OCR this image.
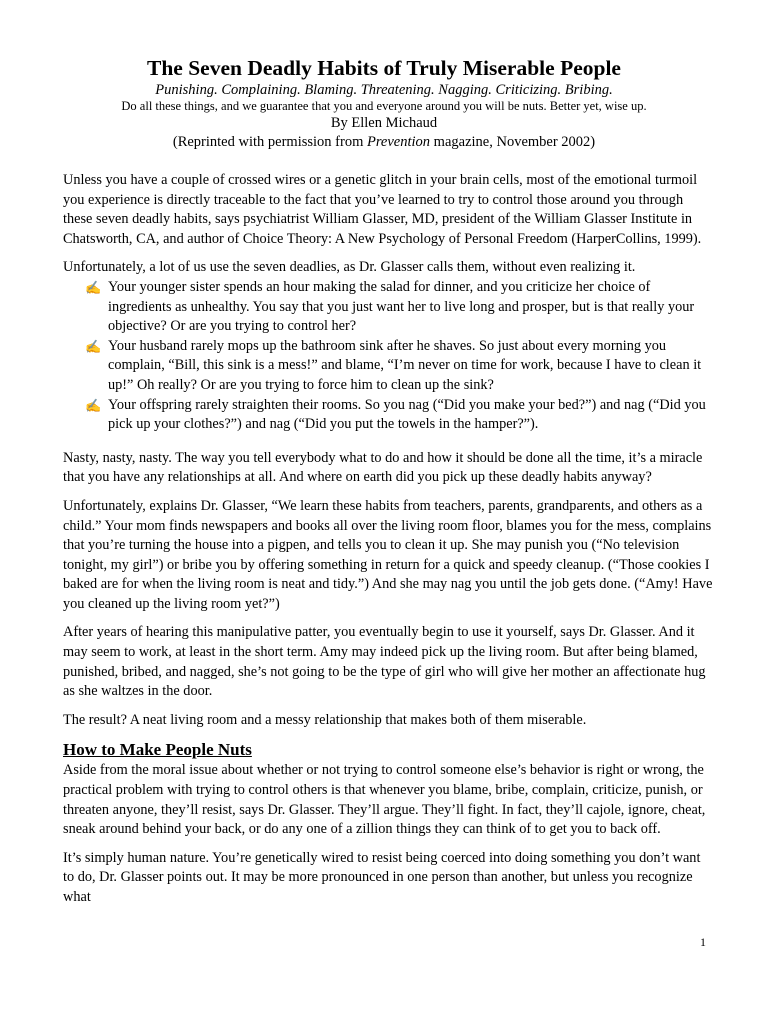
The Seven Deadly Habits of Truly Miserable People
Punishing. Complaining. Blaming. Threatening. Nagging. Criticizing. Bribing.
Do all these things, and we guarantee that you and everyone around you will be nuts. Better yet, wise up.
By Ellen Michaud
(Reprinted with permission from Prevention magazine, November 2002)

Unless you have a couple of crossed wires or a genetic glitch in your brain cells, most of the emotional turmoil you experience is directly traceable to the fact that you’ve learned to try to control those around you through these seven deadly habits, says psychiatrist William Glasser, MD, president of the William Glasser Institute in Chatsworth, CA, and author of Choice Theory: A New Psychology of Personal Freedom (HarperCollins, 1999).

Unfortunately, a lot of us use the seven deadlies, as Dr. Glasser calls them, without even realizing it.

✍ Your younger sister spends an hour making the salad for dinner, and you criticize her choice of ingredients as unhealthy. You say that you just want her to live long and prosper, but is that really your objective? Or are you trying to control her?
✍ Your husband rarely mops up the bathroom sink after he shaves. So just about every morning you complain, “Bill, this sink is a mess!” and blame, “I’m never on time for work, because I have to clean it up!” Oh really? Or are you trying to force him to clean up the sink?
✍ Your offspring rarely straighten their rooms. So you nag (“Did you make your bed?”) and nag (“Did you pick up your clothes?”) and nag (“Did you put the towels in the hamper?”).

Nasty, nasty, nasty. The way you tell everybody what to do and how it should be done all the time, it’s a miracle that you have any relationships at all. And where on earth did you pick up these deadly habits anyway?

Unfortunately, explains Dr. Glasser, “We learn these habits from teachers, parents, grandparents, and others as a child.” Your mom finds newspapers and books all over the living room floor, blames you for the mess, complains that you’re turning the house into a pigpen, and tells you to clean it up. She may punish you (“No television tonight, my girl”) or bribe you by offering something in return for a quick and speedy cleanup. (“Those cookies I baked are for when the living room is neat and tidy.”) And she may nag you until the job gets done. (“Amy! Have you cleaned up the living room yet?”)

After years of hearing this manipulative patter, you eventually begin to use it yourself, says Dr. Glasser. And it may seem to work, at least in the short term. Amy may indeed pick up the living room. But after being blamed, punished, bribed, and nagged, she’s not going to be the type of girl who will give her mother an affectionate hug as she waltzes in the door.

The result? A neat living room and a messy relationship that makes both of them miserable.

How to Make People Nuts

Aside from the moral issue about whether or not trying to control someone else’s behavior is right or wrong, the practical problem with trying to control others is that whenever you blame, bribe, complain, criticize, punish, or threaten anyone, they’ll resist, says Dr. Glasser. They’ll argue. They’ll fight. In fact, they’ll cajole, ignore, cheat, sneak around behind your back, or do any one of a zillion things they can think of to get you to back off.

It’s simply human nature. You’re genetically wired to resist being coerced into doing something you don’t want to do, Dr. Glasser points out. It may be more pronounced in one person than another, but unless you recognize what

1
